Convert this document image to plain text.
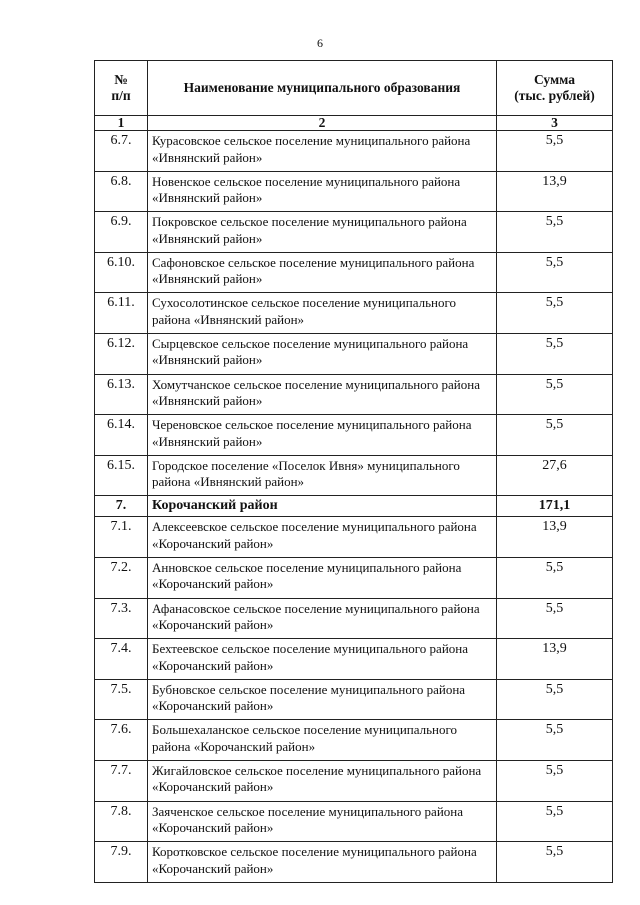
6
№
п/п	Наименование муниципального образования	Сумма
(тыс. рублей)
1	2	3
6.7.	Курасовское сельское поселение муниципального района «Ивнянский район»	5,5
6.8.	Новенское сельское поселение муниципального района «Ивнянский район»	13,9
6.9.	Покровское сельское поселение муниципального района «Ивнянский район»	5,5
6.10.	Сафоновское сельское поселение муниципального района «Ивнянский район»	5,5
6.11.	Сухосолотинское сельское поселение муниципального района «Ивнянский район»	5,5
6.12.	Сырцевское сельское поселение муниципального района «Ивнянский район»	5,5
6.13.	Хомутчанское сельское поселение муниципального района «Ивнянский район»	5,5
6.14.	Череновское сельское поселение муниципального района «Ивнянский район»	5,5
6.15.	Городское поселение «Поселок Ивня» муниципального района «Ивнянский район»	27,6
7.	Корочанский район	171,1
7.1.	Алексеевское сельское поселение муниципального района «Корочанский район»	13,9
7.2.	Анновское сельское поселение муниципального района «Корочанский район»	5,5
7.3.	Афанасовское сельское поселение муниципального района «Корочанский район»	5,5
7.4.	Бехтеевское сельское поселение муниципального района «Корочанский район»	13,9
7.5.	Бубновское сельское поселение муниципального района «Корочанский район»	5,5
7.6.	Большехаланское сельское поселение муниципального района «Корочанский район»	5,5
7.7.	Жигайловское сельское поселение муниципального района «Корочанский район»	5,5
7.8.	Заяченское сельское поселение муниципального района «Корочанский район»	5,5
7.9.	Коротковское сельское поселение муниципального района «Корочанский район»	5,5
